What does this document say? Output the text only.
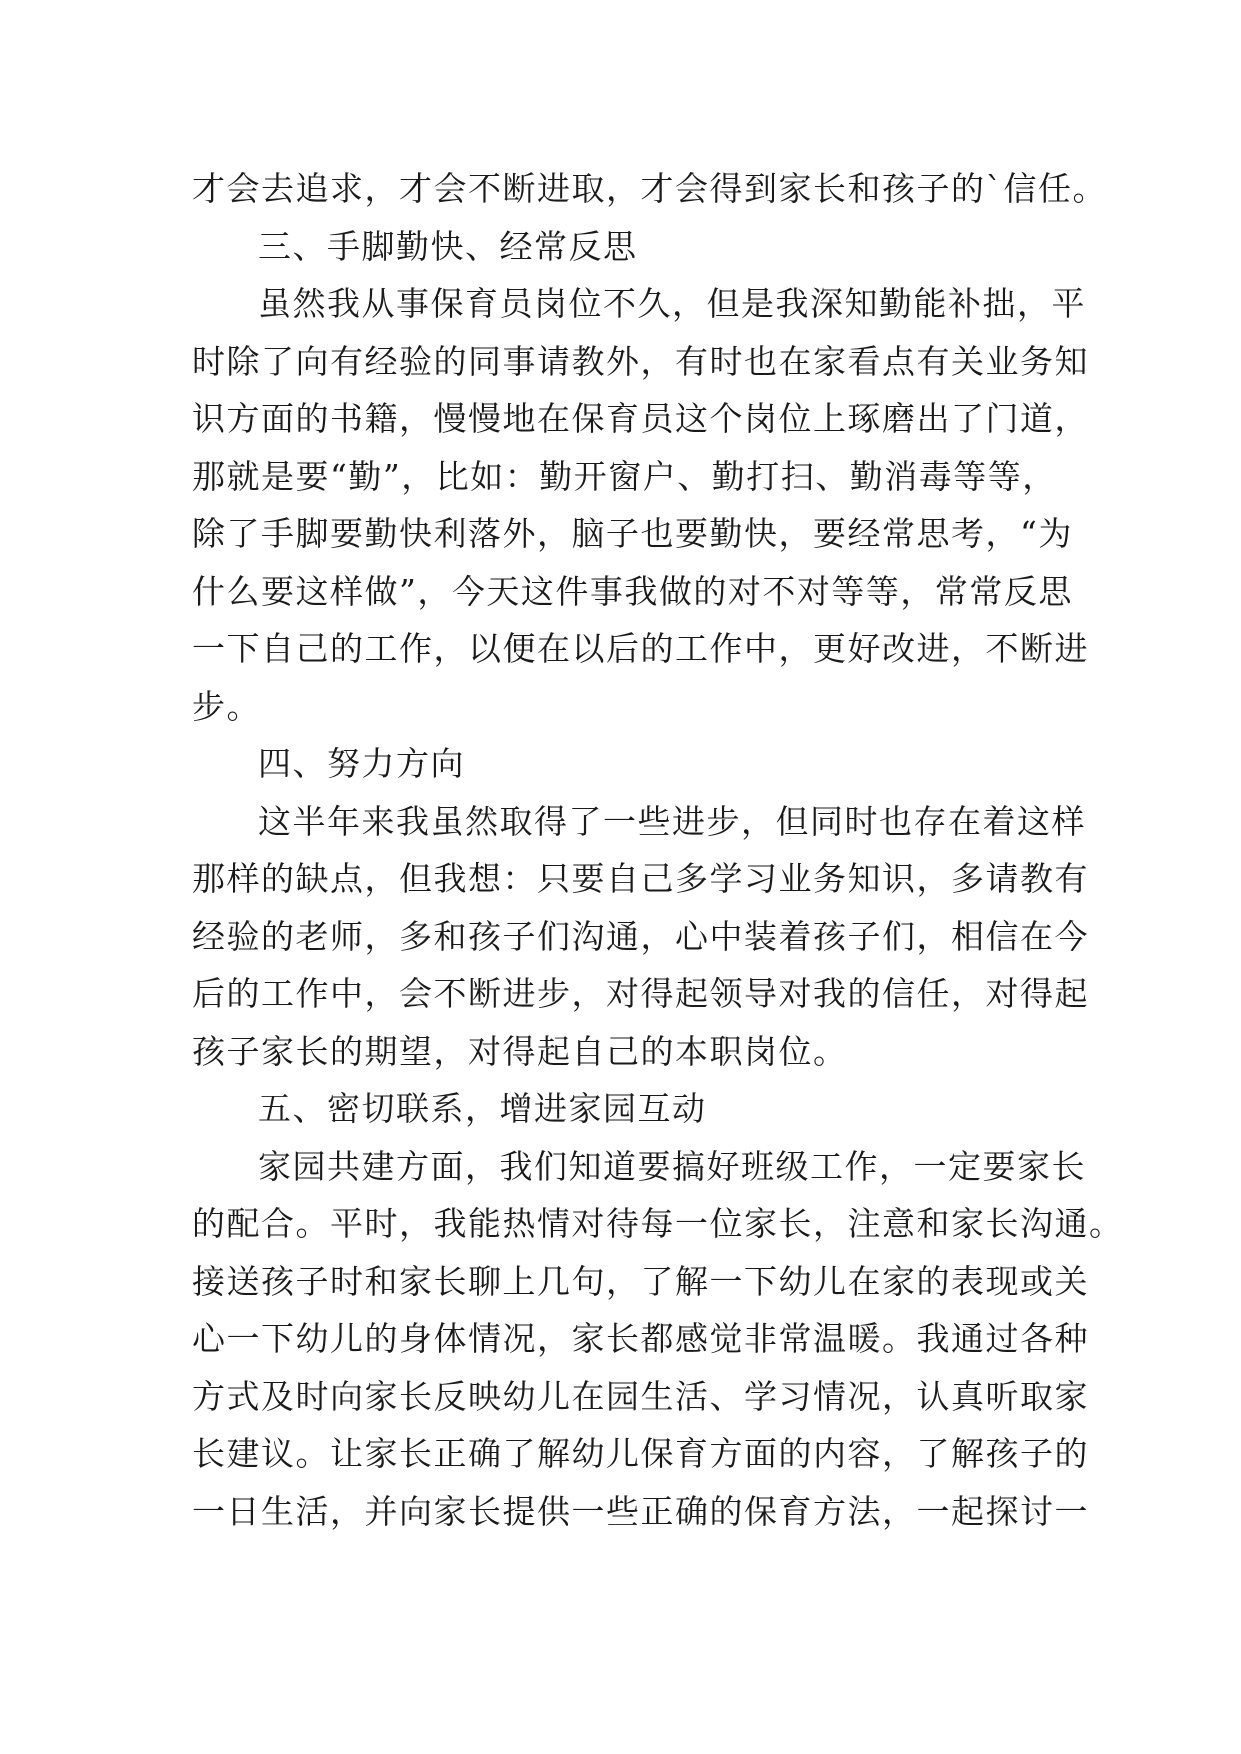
才会去追求，才会不断进取，才会得到家长和孩子的`信任。
三、手脚勤快、经常反思
虽然我从事保育员岗位不久，但是我深知勤能补拙，平
时除了向有经验的同事请教外，有时也在家看点有关业务知
识方面的书籍，慢慢地在保育员这个岗位上琢磨出了门道，
那就是要“勤”，比如：勤开窗户、勤打扫、勤消毒等等，
除了手脚要勤快利落外，脑子也要勤快，要经常思考，“为
什么要这样做”，今天这件事我做的对不对等等，常常反思
一下自己的工作，以便在以后的工作中，更好改进，不断进
步。
四、努力方向
这半年来我虽然取得了一些进步，但同时也存在着这样
那样的缺点，但我想：只要自己多学习业务知识，多请教有
经验的老师，多和孩子们沟通，心中装着孩子们，相信在今
后的工作中，会不断进步，对得起领导对我的信任，对得起
孩子家长的期望，对得起自己的本职岗位。
五、密切联系，增进家园互动
家园共建方面，我们知道要搞好班级工作，一定要家长
的配合。平时，我能热情对待每一位家长，注意和家长沟通。
接送孩子时和家长聊上几句，了解一下幼儿在家的表现或关
心一下幼儿的身体情况，家长都感觉非常温暖。我通过各种
方式及时向家长反映幼儿在园生活、学习情况，认真听取家
长建议。让家长正确了解幼儿保育方面的内容，了解孩子的
一日生活，并向家长提供一些正确的保育方法，一起探讨一
